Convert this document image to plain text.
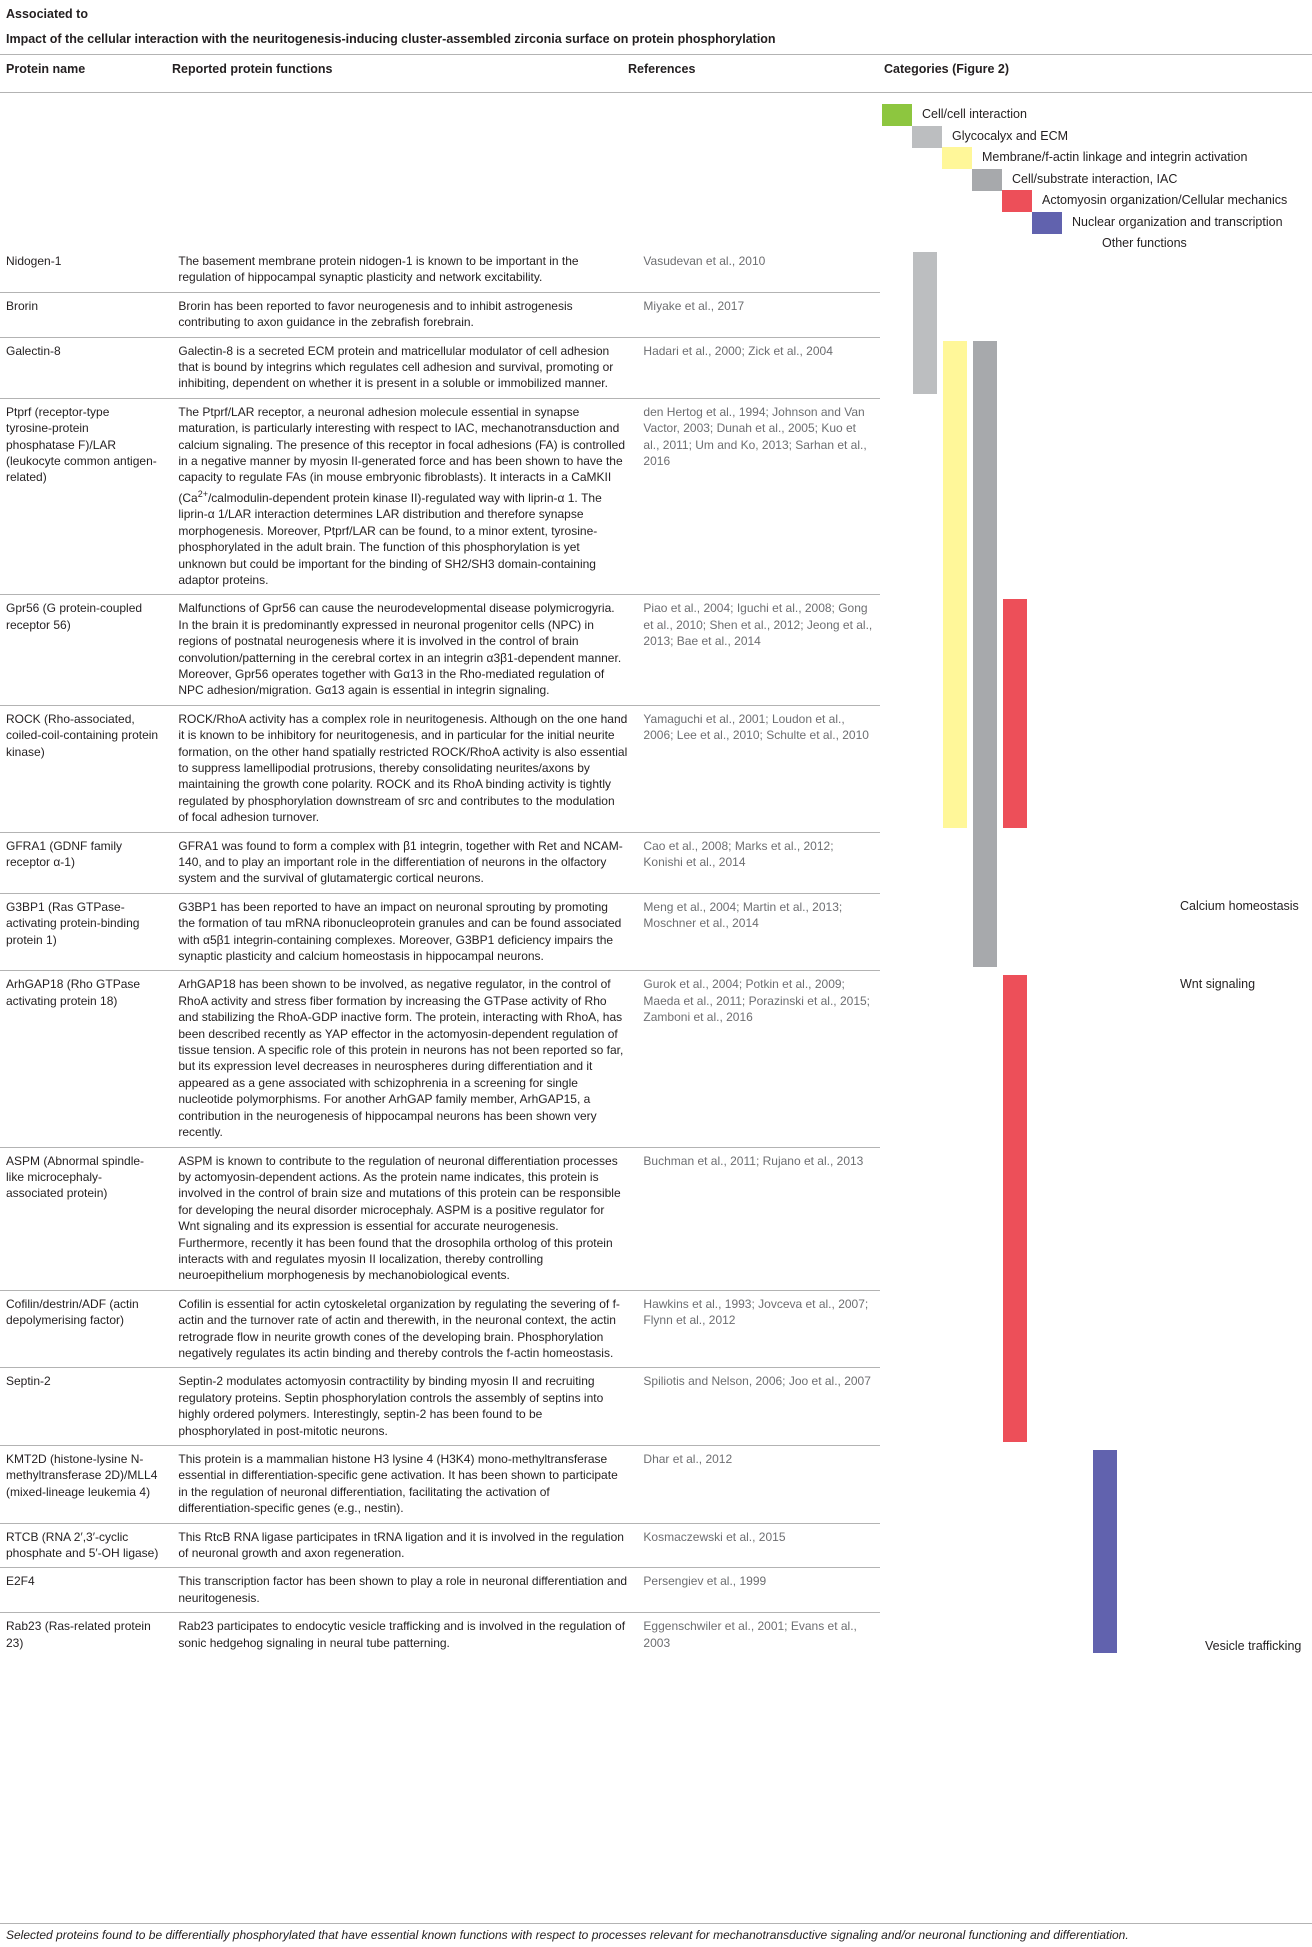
Associated to
Impact of the cellular interaction with the neuritogenesis-inducing cluster-assembled zirconia surface on protein phosphorylation
Protein name	Reported protein functions	References	Categories (Figure 2)
Cell/cell interaction
Glycocalyx and ECM
Membrane/f-actin linkage and integrin activation
Cell/substrate interaction, IAC
Actomyosin organization/Cellular mechanics
Nuclear organization and transcription
Other functions
Nidogen-1	The basement membrane protein nidogen-1 is known to be important in the regulation of hippocampal synaptic plasticity and network excitability.	Vasudevan et al., 2010
Brorin	Brorin has been reported to favor neurogenesis and to inhibit astrogenesis contributing to axon guidance in the zebrafish forebrain.	Miyake et al., 2017
Galectin-8	Galectin-8 is a secreted ECM protein and matricellular modulator of cell adhesion that is bound by integrins which regulates cell adhesion and survival, promoting or inhibiting, dependent on whether it is present in a soluble or immobilized manner.	Hadari et al., 2000; Zick et al., 2004
Ptprf (receptor-type tyrosine-protein phosphatase F)/LAR (leukocyte common antigen-related)	The Ptprf/LAR receptor, a neuronal adhesion molecule essential in synapse maturation, is particularly interesting with respect to IAC, mechanotransduction and calcium signaling. The presence of this receptor in focal adhesions (FA) is controlled in a negative manner by myosin II-generated force and has been shown to have the capacity to regulate FAs (in mouse embryonic fibroblasts). It interacts in a CaMKII ($Ca^{2+}/calmodulin$-dependent protein kinase II)-regulated way with liprin-α 1. The liprin-α 1/LAR interaction determines LAR distribution and therefore synapse morphogenesis. Moreover, Ptprf/LAR can be found, to a minor extent, tyrosine-phosphorylated in the adult brain. The function of this phosphorylation is yet unknown but could be important for the binding of SH2/SH3 domain-containing adaptor proteins.	den Hertog et al., 1994; Johnson and Van Vactor, 2003; Dunah et al., 2005; Kuo et al., 2011; Um and Ko, 2013; Sarhan et al., 2016
Gpr56 (G protein-coupled receptor 56)	Malfunctions of Gpr56 can cause the neurodevelopmental disease polymicrogyria. In the brain it is predominantly expressed in neuronal progenitor cells (NPC) in regions of postnatal neurogenesis where it is involved in the control of brain convolution/patterning in the cerebral cortex in an integrin α3β1-dependent manner. Moreover, Gpr56 operates together with Gα13 in the Rho-mediated regulation of NPC adhesion/migration. Gα13 again is essential in integrin signaling.	Piao et al., 2004; Iguchi et al., 2008; Gong et al., 2010; Shen et al., 2012; Jeong et al., 2013; Bae et al., 2014
ROCK (Rho-associated, coiled-coil-containing protein kinase)	ROCK/RhoA activity has a complex role in neuritogenesis. Although on the one hand it is known to be inhibitory for neuritogenesis, and in particular for the initial neurite formation, on the other hand spatially restricted ROCK/RhoA activity is also essential to suppress lamellipodial protrusions, thereby consolidating neurites/axons by maintaining the growth cone polarity. ROCK and its RhoA binding activity is tightly regulated by phosphorylation downstream of src and contributes to the modulation of focal adhesion turnover.	Yamaguchi et al., 2001; Loudon et al., 2006; Lee et al., 2010; Schulte et al., 2010
GFRA1 (GDNF family receptor α-1)	GFRA1 was found to form a complex with β1 integrin, together with Ret and NCAM-140, and to play an important role in the differentiation of neurons in the olfactory system and the survival of glutamatergic cortical neurons.	Cao et al., 2008; Marks et al., 2012; Konishi et al., 2014
G3BP1 (Ras GTPase-activating protein-binding protein 1)	G3BP1 has been reported to have an impact on neuronal sprouting by promoting the formation of tau mRNA ribonucleoprotein granules and can be found associated with α5β1 integrin-containing complexes. Moreover, G3BP1 deficiency impairs the synaptic plasticity and calcium homeostasis in hippocampal neurons.	Meng et al., 2004; Martin et al., 2013; Moschner et al., 2014
ArhGAP18 (Rho GTPase activating protein 18)	ArhGAP18 has been shown to be involved, as negative regulator, in the control of RhoA activity and stress fiber formation by increasing the GTPase activity of Rho and stabilizing the RhoA-GDP inactive form. The protein, interacting with RhoA, has been described recently as YAP effector in the actomyosin-dependent regulation of tissue tension. A specific role of this protein in neurons has not been reported so far, but its expression level decreases in neurospheres during differentiation and it appeared as a gene associated with schizophrenia in a screening for single nucleotide polymorphisms. For another ArhGAP family member, ArhGAP15, a contribution in the neurogenesis of hippocampal neurons has been shown very recently.	Gurok et al., 2004; Potkin et al., 2009; Maeda et al., 2011; Porazinski et al., 2015; Zamboni et al., 2016
ASPM (Abnormal spindle-like microcephaly-associated protein)	ASPM is known to contribute to the regulation of neuronal differentiation processes by actomyosin-dependent actions. As the protein name indicates, this protein is involved in the control of brain size and mutations of this protein can be responsible for developing the neural disorder microcephaly. ASPM is a positive regulator for Wnt signaling and its expression is essential for accurate neurogenesis. Furthermore, recently it has been found that the drosophila ortholog of this protein interacts with and regulates myosin II localization, thereby controlling neuroepithelium morphogenesis by mechanobiological events.	Buchman et al., 2011; Rujano et al., 2013
Cofilin/destrin/ADF (actin depolymerising factor)	Cofilin is essential for actin cytoskeletal organization by regulating the severing of f-actin and the turnover rate of actin and therewith, in the neuronal context, the actin retrograde flow in neurite growth cones of the developing brain. Phosphorylation negatively regulates its actin binding and thereby controls the f-actin homeostasis.	Hawkins et al., 1993; Jovceva et al., 2007; Flynn et al., 2012
Septin-2	Septin-2 modulates actomyosin contractility by binding myosin II and recruiting regulatory proteins. Septin phosphorylation controls the assembly of septins into highly ordered polymers. Interestingly, septin-2 has been found to be phosphorylated in post-mitotic neurons.	Spiliotis and Nelson, 2006; Joo et al., 2007
KMT2D (histone-lysine N-methyltransferase 2D)/MLL4 (mixed-lineage leukemia 4)	This protein is a mammalian histone H3 lysine 4 (H3K4) mono-methyltransferase essential in differentiation-specific gene activation. It has been shown to participate in the regulation of neuronal differentiation, facilitating the activation of differentiation-specific genes (e.g., nestin).	Dhar et al., 2012
RTCB (RNA 2′,3′-cyclic phosphate and 5′-OH ligase)	This RtcB RNA ligase participates in tRNA ligation and it is involved in the regulation of neuronal growth and axon regeneration.	Kosmaczewski et al., 2015
E2F4	This transcription factor has been shown to play a role in neuronal differentiation and neuritogenesis.	Persengiev et al., 1999
Rab23 (Ras-related protein 23)	Rab23 participates to endocytic vesicle trafficking and is involved in the regulation of sonic hedgehog signaling in neural tube patterning.	Eggenschwiler et al., 2001; Evans et al., 2003
Calcium homeostasis
Wnt signaling
Vesicle trafficking
Selected proteins found to be differentially phosphorylated that have essential known functions with respect to processes relevant for mechanotransductive signaling and/or neuronal functioning and differentiation.
